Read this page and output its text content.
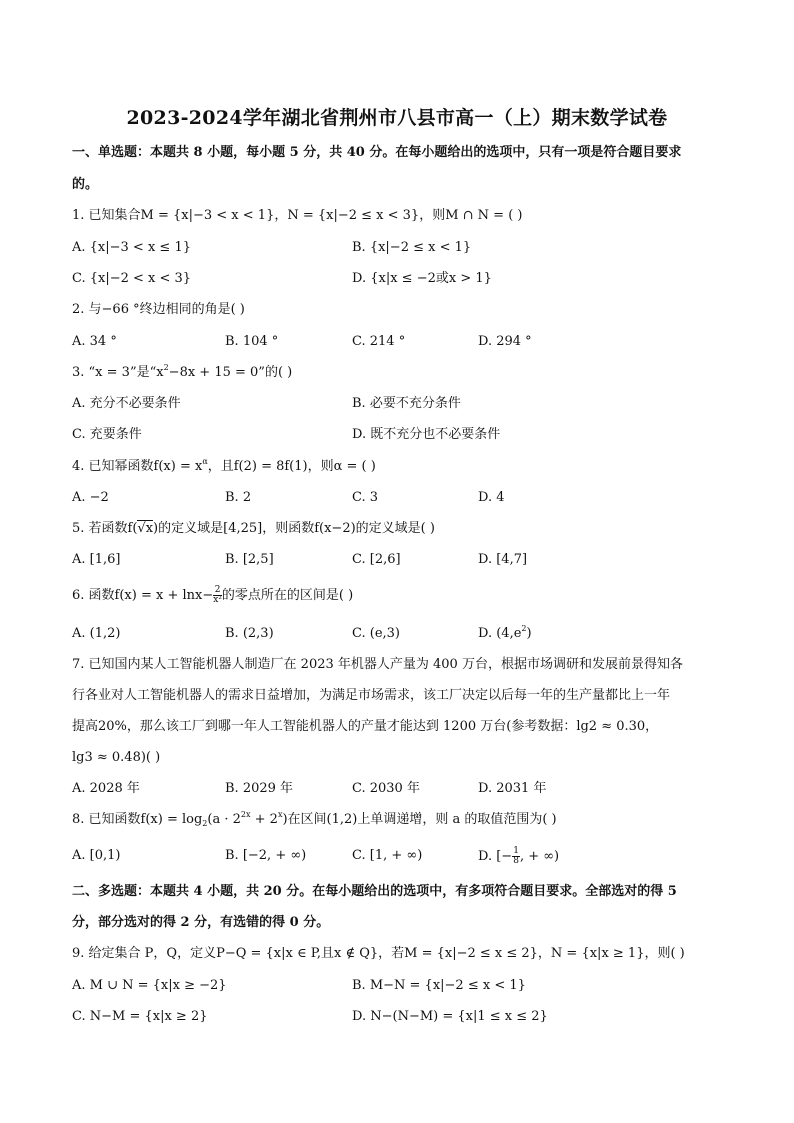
2023-2024学年湖北省荆州市八县市高一（上）期末数学试卷
一、单选题：本题共 8 小题，每小题 5 分，共 40 分。在每小题给出的选项中，只有一项是符合题目要求
的。
1. 已知集合M = {x|−3 < x < 1}，N = {x|−2 ≤ x < 3}，则M ∩ N = ( )
A. {x|−3 < x ≤ 1}	B. {x|−2 ≤ x < 1}
C. {x|−2 < x < 3}	D. {x|x ≤ −2或x > 1}
2. 与−66 °终边相同的角是( )
A. 34 °	B. 104 °	C. 214 °	D. 294 °
3. “x = 3”是“$x^2-8x + 15 = 0$”的( )
A. 充分不必要条件	B. 必要不充分条件
C. 充要条件	D. 既不充分也不必要条件
4. 已知幂函数$f(x) = x^\alpha$，且f(2) = 8f(1)，则α = ( )
A. −2	B. 2	C. 3	D. 4
5. 若函数f(√x)的定义域是[4,25]，则函数f(x−2)的定义域是( )
A. [1,6]	B. [2,5]	C. [2,6]	D. [4,7]
6. 函数$f(x) = x + \ln x- \frac{2}{\text{x²}}$ 的零点所在的区间是( )
A. (1,2)	B. (2,3)	C. (e,3)	D. $(4,e^2)$
7. 已知国内某人工智能机器人制造厂在 2023 年机器人产量为 400 万台，根据市场调研和发展前景得知各
行各业对人工智能机器人的需求日益增加，为满足市场需求，该工厂决定以后每一年的生产量都比上一年
提高20%，那么该工厂到哪一年人工智能机器人的产量才能达到 1200 万台(参考数据：lg2 ≈ 0.30，
lg3 ≈ 0.48)( )
A. 2028 年	B. 2029 年	C. 2030 年	D. 2031 年
8. 已知函数$f(x) = \log_2(a \cdot 2^{2x} + 2^x)$在区间(1,2)上单调递增，则 a 的取值范围为( )
A. [0,1)	B. [−2, + ∞)	C. [1, + ∞)	D. [− $\frac{1}{8}$ , + ∞)
二、多选题：本题共 4 小题，共 20 分。在每小题给出的选项中，有多项符合题目要求。全部选对的得 5
分，部分选对的得 2 分，有选错的得 0 分。
9. 给定集合 P，Q，定义P−Q = {x|x ∈ P,且x ∉ Q}，若M = {x|−2 ≤ x ≤ 2}，N = {x|x ≥ 1}，则( )
A. M ∪ N = {x|x ≥ −2}	B. M−N = {x|−2 ≤ x < 1}
C. N−M = {x|x ≥ 2}	D. N−(N−M) = {x|1 ≤ x ≤ 2}
